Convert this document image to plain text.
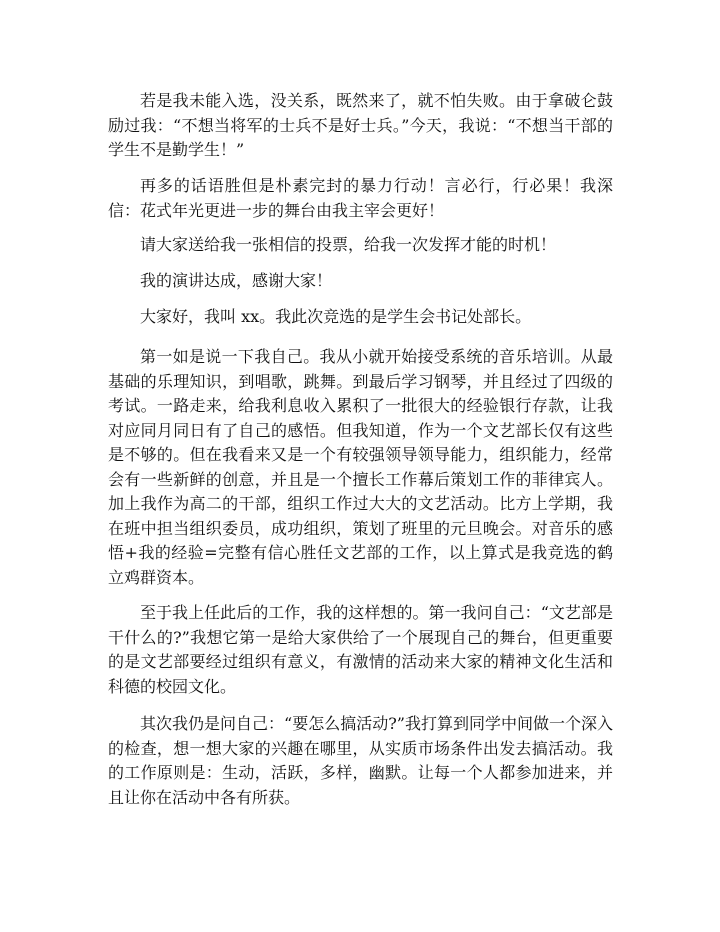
若是我未能入选，没关系，既然来了，就不怕失败。由于拿破仑鼓励过我：“不想当将军的士兵不是好士兵。”今天，我说：“不想当干部的学生不是勤学生！”

再多的话语胜但是朴素完封的暴力行动！言必行，行必果！我深信：花式年光更进一步的舞台由我主宰会更好！

请大家送给我一张相信的投票，给我一次发挥才能的时机！

我的演讲达成，感谢大家！

大家好，我叫 xx。我此次竞选的是学生会书记处部长。

第一如是说一下我自己。我从小就开始接受系统的音乐培训。从最基础的乐理知识，到唱歌，跳舞。到最后学习钢琴，并且经过了四级的考试。一路走来，给我利息收入累积了一批很大的经验银行存款，让我对应同月同日有了自己的感悟。但我知道，作为一个文艺部长仅有这些是不够的。但在我看来又是一个有较强领导领导能力，组织能力，经常会有一些新鲜的创意，并且是一个擅长工作幕后策划工作的菲律宾人。加上我作为高二的干部，组织工作过大大的文艺活动。比方上学期，我在班中担当组织委员，成功组织，策划了班里的元旦晚会。对音乐的感悟+我的经验=完整有信心胜任文艺部的工作，以上算式是我竞选的鹤立鸡群资本。

至于我上任此后的工作，我的这样想的。第一我问自己：“文艺部是干什么的?”我想它第一是给大家供给了一个展现自己的舞台，但更重要的是文艺部要经过组织有意义，有激情的活动来大家的精神文化生活和科德的校园文化。

其次我仍是问自己：“要怎么搞活动?”我打算到同学中间做一个深入的检查，想一想大家的兴趣在哪里，从实质市场条件出发去搞活动。我的工作原则是：生动，活跃，多样，幽默。让每一个人都参加进来，并且让你在活动中各有所获。
